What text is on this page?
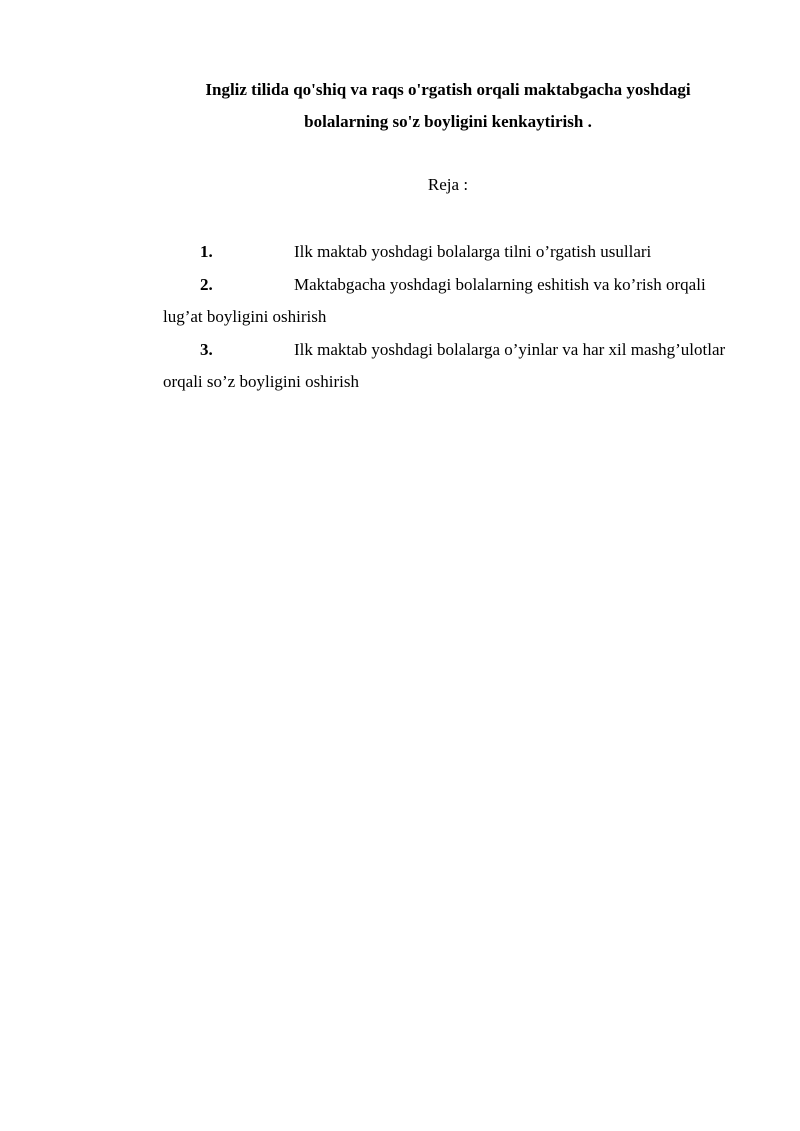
Ingliz tilida qo'shiq va raqs o'rgatish orqali maktabgacha yoshdagi
bolalarning so'z boyligini kenkaytirish .
Reja :
1.	Ilk maktab yoshdagi bolalarga tilni o’rgatish usullari
2.	Maktabgacha yoshdagi bolalarning eshitish va ko’rish orqali
lug’at boyligini oshirish
3.	Ilk maktab yoshdagi bolalarga o’yinlar va har xil mashg’ulotlar
orqali so’z boyligini oshirish
